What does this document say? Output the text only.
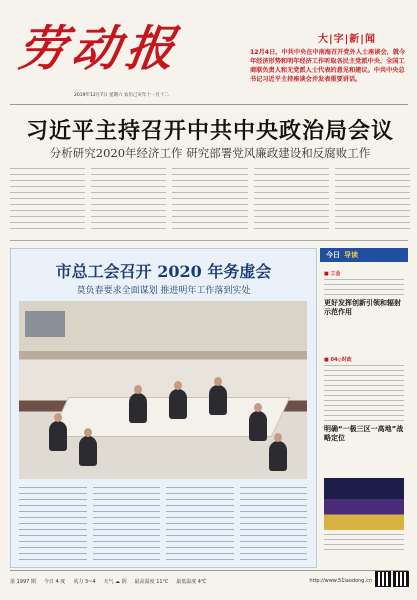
劳动报	大|字|新|闻
12月4日，中共中央在中南海召开党外人士座谈会，就今年经济形势和明年经济工作听取各民主党派中央、全国工商联负责人和无党派人士代表的意见和建议。中共中央总书记习近平主持座谈会并发表重要讲话。
2019年12月7日 星期六 农历己亥年十一月十二
习近平主持召开中共中央政治局会议
分析研究2020年经济工作 研究部署党风廉政建设和反腐败工作
市总工会召开 2020 年务虚会
莫负春要求全面谋划 推进明年工作落到实处
今日 导读
■ 工会
更好发挥创新引领和辐射示范作用
■ 04◎时政
明确“一极三区一高地”战略定位
第 1997 期 今日 4 度 风力 3~4 天气 ☁ 阴 最高温度 11℃ 最低温度 4℃	http://www.51laodong.cn
